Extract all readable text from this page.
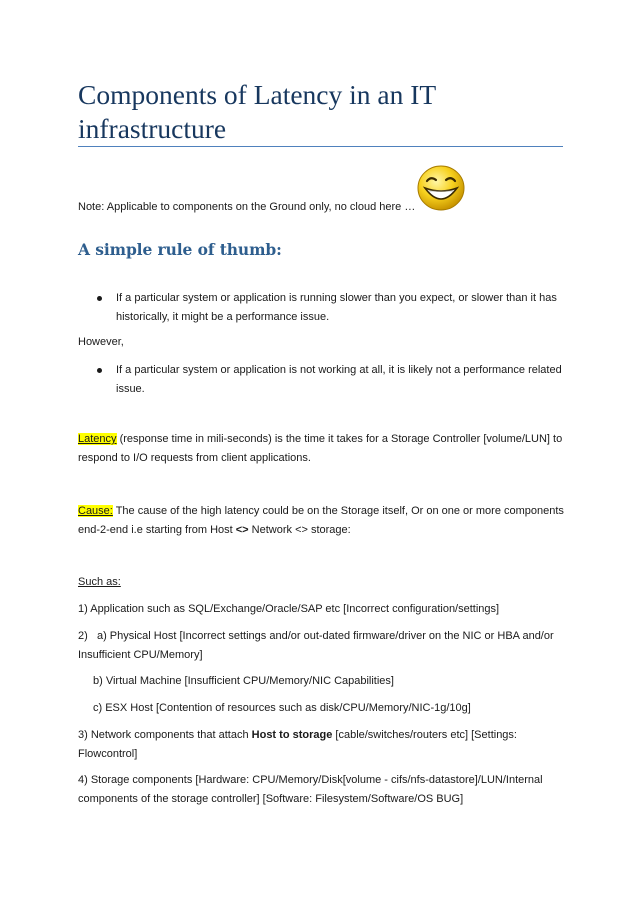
Components of Latency in an IT infrastructure
Note: Applicable to components on the Ground only, no cloud here …
A simple rule of thumb:
If a particular system or application is running slower than you expect, or slower than it has historically, it might be a performance issue.
However,
If a particular system or application is not working at all, it is likely not a performance related issue.
Latency (response time in mili-seconds) is the time it takes for a Storage Controller [volume/LUN] to respond to I/O requests from client applications.
Cause: The cause of the high latency could be on the Storage itself, Or on one or more components end-2-end i.e starting from Host <> Network <> storage:
Such as:
1) Application such as SQL/Exchange/Oracle/SAP etc [Incorrect configuration/settings]
2)   a) Physical Host [Incorrect settings and/or out-dated firmware/driver on the NIC or HBA and/or Insufficient CPU/Memory]
b) Virtual Machine [Insufficient CPU/Memory/NIC Capabilities]
c) ESX Host [Contention of resources such as disk/CPU/Memory/NIC-1g/10g]
3) Network components that attach Host to storage [cable/switches/routers etc] [Settings: Flowcontrol]
4) Storage components [Hardware: CPU/Memory/Disk[volume - cifs/nfs-datastore]/LUN/Internal components of the storage controller] [Software: Filesystem/Software/OS BUG]
